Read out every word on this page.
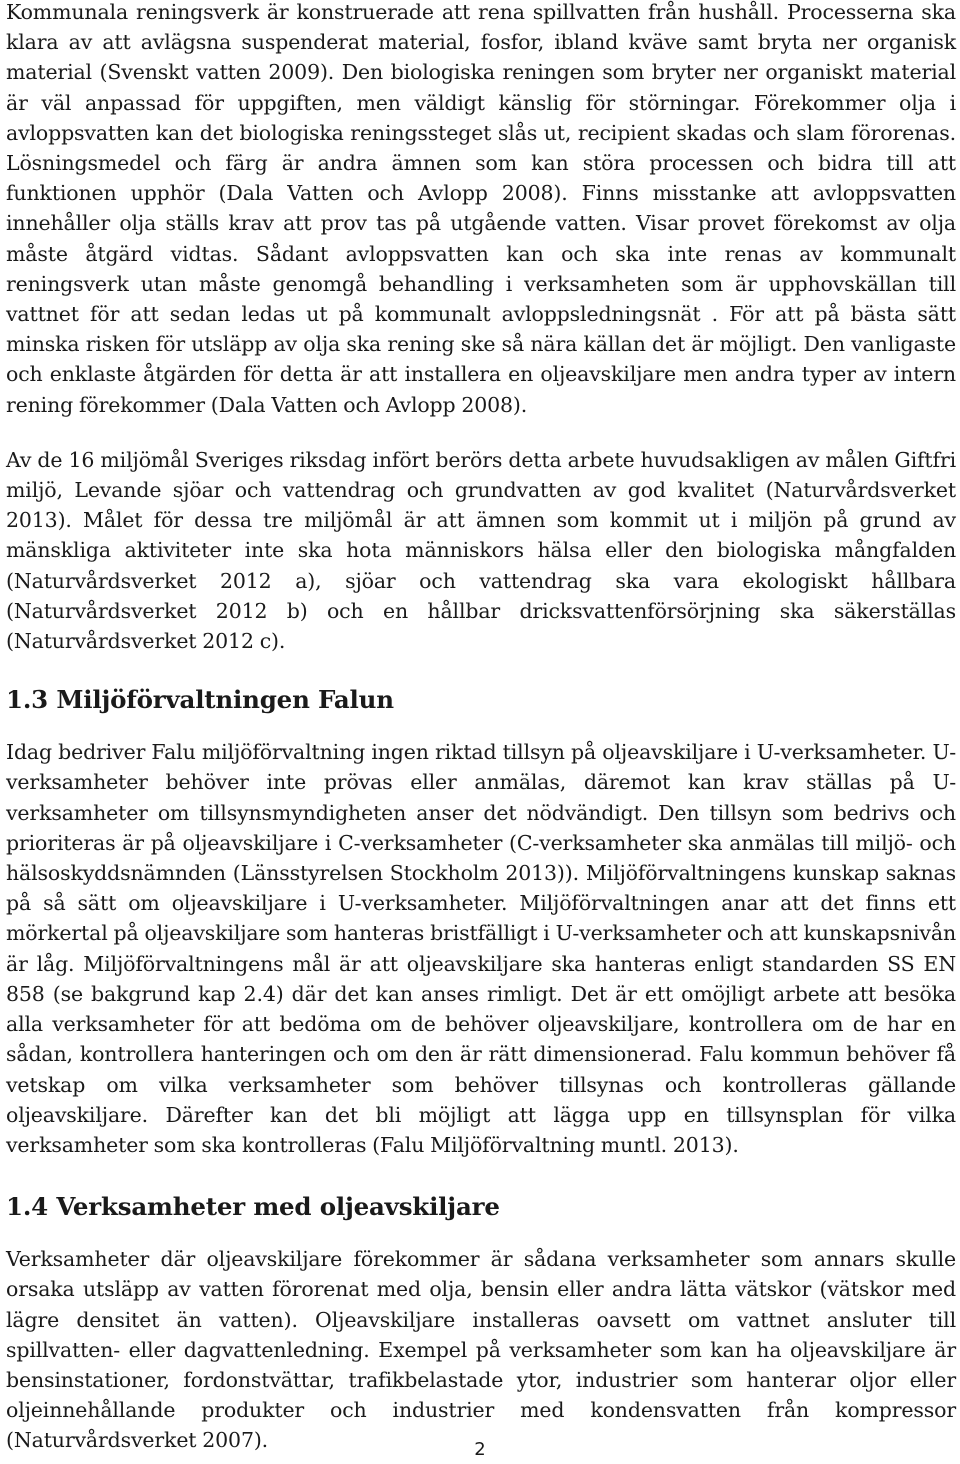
Kommunala reningsverk är konstruerade att rena spillvatten från hushåll. Processerna ska klara av att avlägsna suspenderat material, fosfor, ibland kväve samt bryta ner organisk material (Svenskt vatten 2009). Den biologiska reningen som bryter ner organiskt material är väl anpassad för uppgiften, men väldigt känslig för störningar. Förekommer olja i avloppsvatten kan det biologiska reningssteget slås ut, recipient skadas och slam förorenas. Lösningsmedel och färg är andra ämnen som kan störa processen och bidra till att funktionen upphör (Dala Vatten och Avlopp 2008). Finns misstanke att avloppsvatten innehåller olja ställs krav att prov tas på utgående vatten. Visar provet förekomst av olja måste åtgärd vidtas. Sådant avloppsvatten kan och ska inte renas av kommunalt reningsverk utan måste genomgå behandling i verksamheten som är upphovskällan till vattnet för att sedan ledas ut på kommunalt avloppsledningsnät . För att på bästa sätt minska risken för utsläpp av olja ska rening ske så nära källan det är möjligt. Den vanligaste och enklaste åtgärden för detta är att installera en oljeavskiljare men andra typer av intern rening förekommer (Dala Vatten och Avlopp 2008).

Av de 16 miljömål Sveriges riksdag infört berörs detta arbete huvudsakligen av målen Giftfri miljö, Levande sjöar och vattendrag och grundvatten av god kvalitet (Naturvårdsverket 2013). Målet för dessa tre miljömål är att ämnen som kommit ut i miljön på grund av mänskliga aktiviteter inte ska hota människors hälsa eller den biologiska mångfalden (Naturvårdsverket 2012 a), sjöar och vattendrag ska vara ekologiskt hållbara (Naturvårdsverket 2012 b) och en hållbar dricksvattenförsörjning ska säkerställas (Naturvårdsverket 2012 c).

1.3 Miljöförvaltningen Falun

Idag bedriver Falu miljöförvaltning ingen riktad tillsyn på oljeavskiljare i U-verksamheter. U-verksamheter behöver inte prövas eller anmälas, däremot kan krav ställas på U-verksamheter om tillsynsmyndigheten anser det nödvändigt. Den tillsyn som bedrivs och prioriteras är på oljeavskiljare i C-verksamheter (C-verksamheter ska anmälas till miljö- och hälsoskyddsnämnden (Länsstyrelsen Stockholm 2013)). Miljöförvaltningens kunskap saknas på så sätt om oljeavskiljare i U-verksamheter. Miljöförvaltningen anar att det finns ett mörkertal på oljeavskiljare som hanteras bristfälligt i U-verksamheter och att kunskapsnivån är låg. Miljöförvaltningens mål är att oljeavskiljare ska hanteras enligt standarden SS EN 858 (se bakgrund kap 2.4) där det kan anses rimligt. Det är ett omöjligt arbete att besöka alla verksamheter för att bedöma om de behöver oljeavskiljare, kontrollera om de har en sådan, kontrollera hanteringen och om den är rätt dimensionerad. Falu kommun behöver få vetskap om vilka verksamheter som behöver tillsynas och kontrolleras gällande oljeavskiljare. Därefter kan det bli möjligt att lägga upp en tillsynsplan för vilka verksamheter som ska kontrolleras (Falu Miljöförvaltning muntl. 2013).

1.4 Verksamheter med oljeavskiljare

Verksamheter där oljeavskiljare förekommer är sådana verksamheter som annars skulle orsaka utsläpp av vatten förorenat med olja, bensin eller andra lätta vätskor (vätskor med lägre densitet än vatten). Oljeavskiljare installeras oavsett om vattnet ansluter till spillvatten- eller dagvattenledning. Exempel på verksamheter som kan ha oljeavskiljare är bensinstationer, fordonstvättar, trafikbelastade ytor, industrier som hanterar oljor eller oljeinnehållande produkter och industrier med kondensvatten från kompressor (Naturvårdsverket 2007).	2
